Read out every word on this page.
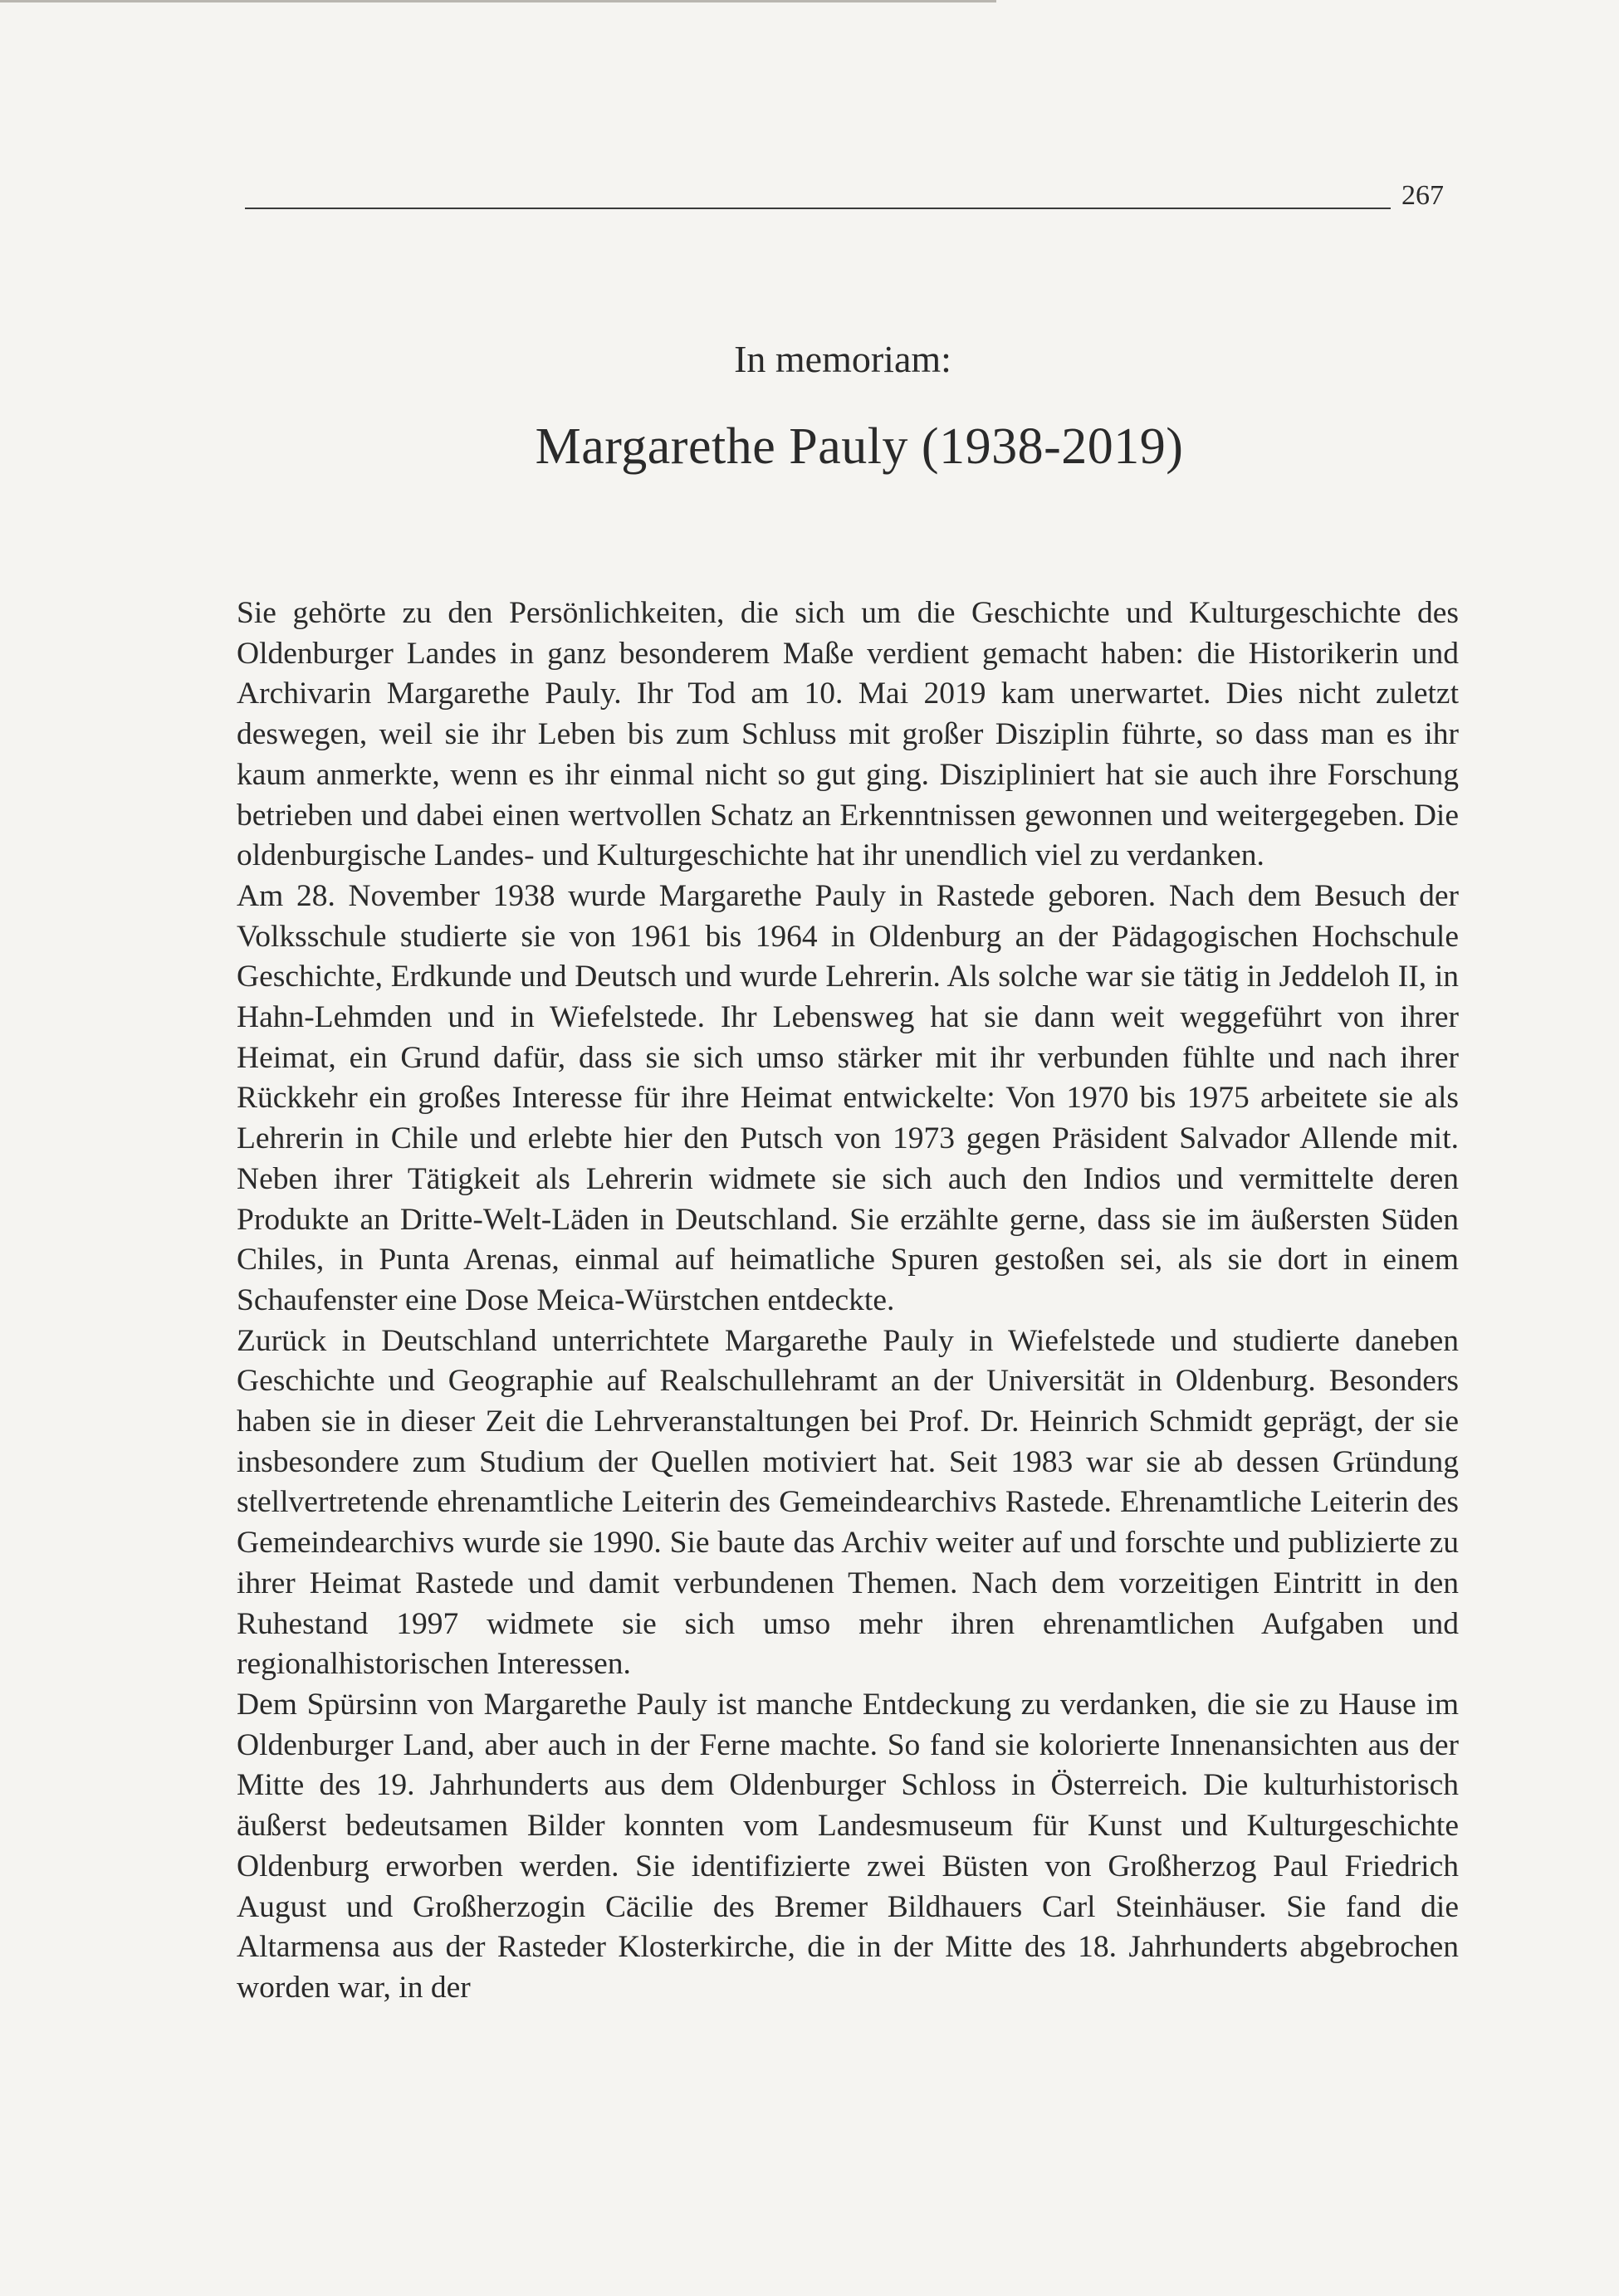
267
In memoriam:
Margarethe Pauly (1938-2019)

Sie gehörte zu den Persönlichkeiten, die sich um die Geschichte und Kulturgeschichte des Oldenburger Landes in ganz besonderem Maße verdient gemacht haben: die Historikerin und Archivarin Margarethe Pauly. Ihr Tod am 10. Mai 2019 kam unerwartet. Dies nicht zuletzt deswegen, weil sie ihr Leben bis zum Schluss mit großer Disziplin führte, so dass man es ihr kaum anmerkte, wenn es ihr einmal nicht so gut ging. Diszipliniert hat sie auch ihre Forschung betrieben und dabei einen wertvollen Schatz an Erkenntnissen gewonnen und weitergegeben. Die oldenburgische Landes- und Kulturgeschichte hat ihr unendlich viel zu verdanken.

Am 28. November 1938 wurde Margarethe Pauly in Rastede geboren. Nach dem Besuch der Volksschule studierte sie von 1961 bis 1964 in Oldenburg an der Pädagogischen Hochschule Geschichte, Erdkunde und Deutsch und wurde Lehrerin. Als solche war sie tätig in Jeddeloh II, in Hahn-Lehmden und in Wiefelstede. Ihr Lebensweg hat sie dann weit weggeführt von ihrer Heimat, ein Grund dafür, dass sie sich umso stärker mit ihr verbunden fühlte und nach ihrer Rückkehr ein großes Interesse für ihre Heimat entwickelte: Von 1970 bis 1975 arbeitete sie als Lehrerin in Chile und erlebte hier den Putsch von 1973 gegen Präsident Salvador Allende mit. Neben ihrer Tätigkeit als Lehrerin widmete sie sich auch den Indios und vermittelte deren Produkte an Dritte-Welt-Läden in Deutschland. Sie erzählte gerne, dass sie im äußersten Süden Chiles, in Punta Arenas, einmal auf heimatliche Spuren gestoßen sei, als sie dort in einem Schaufenster eine Dose Meica-Würstchen entdeckte.

Zurück in Deutschland unterrichtete Margarethe Pauly in Wiefelstede und studierte daneben Geschichte und Geographie auf Realschullehramt an der Universität in Oldenburg. Besonders haben sie in dieser Zeit die Lehrveranstaltungen bei Prof. Dr. Heinrich Schmidt geprägt, der sie insbesondere zum Studium der Quellen motiviert hat. Seit 1983 war sie ab dessen Gründung stellvertretende ehrenamtliche Leiterin des Gemeindearchivs Rastede. Ehrenamtliche Leiterin des Gemeindearchivs wurde sie 1990. Sie baute das Archiv weiter auf und forschte und publizierte zu ihrer Heimat Rastede und damit verbundenen Themen. Nach dem vorzeitigen Eintritt in den Ruhestand 1997 widmete sie sich umso mehr ihren ehrenamtlichen Aufgaben und regionalhistorischen Interessen.

Dem Spürsinn von Margarethe Pauly ist manche Entdeckung zu verdanken, die sie zu Hause im Oldenburger Land, aber auch in der Ferne machte. So fand sie kolorierte Innenansichten aus der Mitte des 19. Jahrhunderts aus dem Oldenburger Schloss in Österreich. Die kulturhistorisch äußerst bedeutsamen Bilder konnten vom Landesmuseum für Kunst und Kulturgeschichte Oldenburg erworben werden. Sie identifizierte zwei Büsten von Großherzog Paul Friedrich August und Großherzogin Cäcilie des Bremer Bildhauers Carl Steinhäuser. Sie fand die Altarmensa aus der Rasteder Klosterkirche, die in der Mitte des 18. Jahrhunderts abgebrochen worden war, in der
